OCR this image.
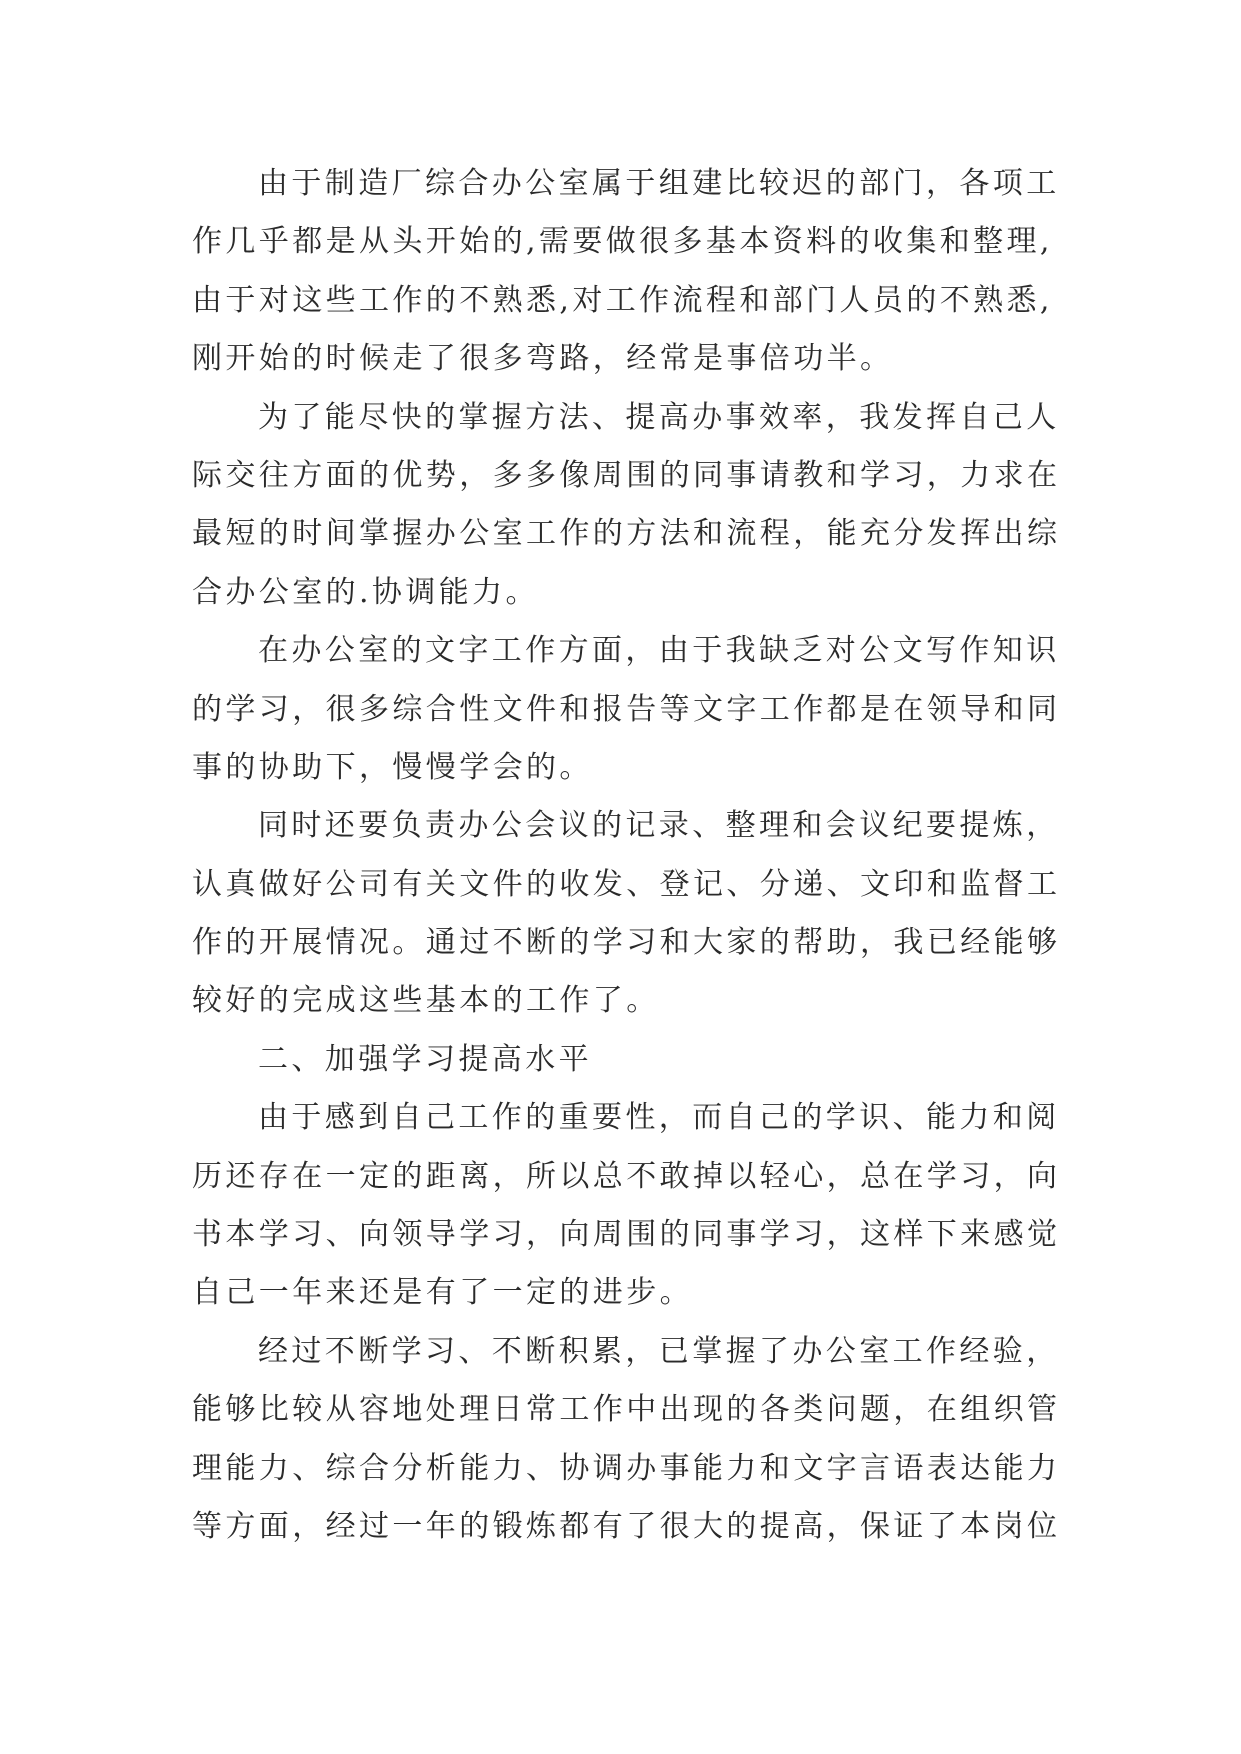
由于制造厂综合办公室属于组建比较迟的部门，各项工
作几乎都是从头开始的,需要做很多基本资料的收集和整理,
由于对这些工作的不熟悉,对工作流程和部门人员的不熟悉,
刚开始的时候走了很多弯路，经常是事倍功半。
为了能尽快的掌握方法、提高办事效率，我发挥自己人
际交往方面的优势，多多像周围的同事请教和学习，力求在
最短的时间掌握办公室工作的方法和流程，能充分发挥出综
合办公室的.协调能力。
在办公室的文字工作方面，由于我缺乏对公文写作知识
的学习，很多综合性文件和报告等文字工作都是在领导和同
事的协助下，慢慢学会的。
同时还要负责办公会议的记录、整理和会议纪要提炼，
认真做好公司有关文件的收发、登记、分递、文印和监督工
作的开展情况。通过不断的学习和大家的帮助，我已经能够
较好的完成这些基本的工作了。
二、加强学习提高水平
由于感到自己工作的重要性，而自己的学识、能力和阅
历还存在一定的距离，所以总不敢掉以轻心，总在学习，向
书本学习、向领导学习，向周围的同事学习，这样下来感觉
自己一年来还是有了一定的进步。
经过不断学习、不断积累，已掌握了办公室工作经验，
能够比较从容地处理日常工作中出现的各类问题，在组织管
理能力、综合分析能力、协调办事能力和文字言语表达能力
等方面，经过一年的锻炼都有了很大的提高，保证了本岗位
